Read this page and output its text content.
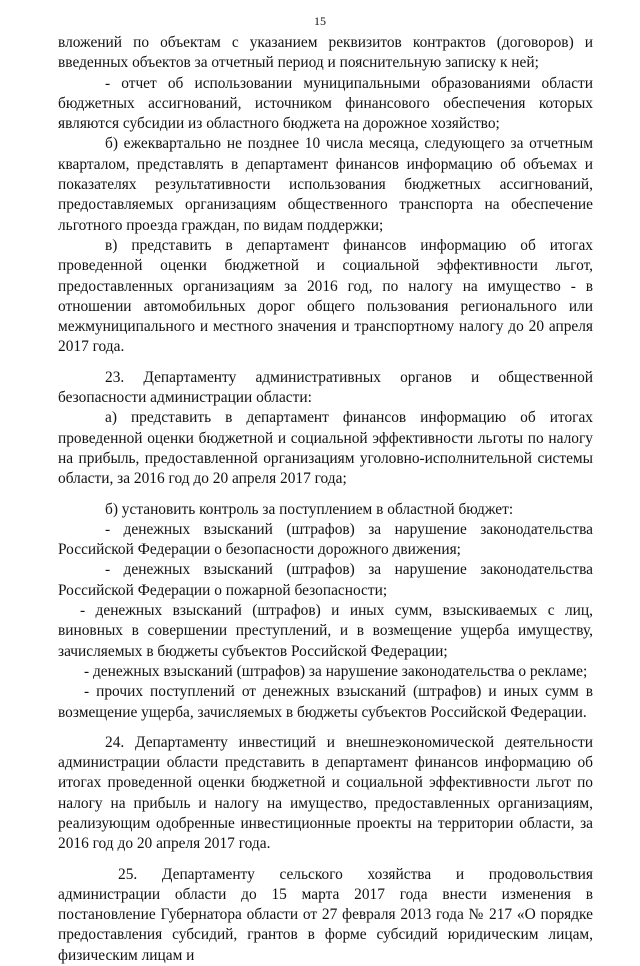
15

вложений по объектам с указанием реквизитов контрактов (договоров) и введенных объектов за отчетный период и пояснительную записку к ней;

- отчет об использовании муниципальными образованиями области бюджетных ассигнований, источником финансового обеспечения которых являются субсидии из областного бюджета на дорожное хозяйство;

б) ежеквартально не позднее 10 числа месяца, следующего за отчетным кварталом, представлять в департамент финансов информацию об объемах и показателях результативности использования бюджетных ассигнований, предоставляемых организациям общественного транспорта на обеспечение льготного проезда граждан, по видам поддержки;

в) представить в департамент финансов информацию об итогах проведенной оценки бюджетной и социальной эффективности льгот, предоставленных организациям за 2016 год, по налогу на имущество - в отношении автомобильных дорог общего пользования регионального или межмуниципального и местного значения и транспортному налогу до 20 апреля 2017 года.

23. Департаменту административных органов и общественной безопасности администрации области:

а) представить в департамент финансов информацию об итогах проведенной оценки бюджетной и социальной эффективности льготы по налогу на прибыль, предоставленной организациям уголовно-исполнительной системы области, за 2016 год до 20 апреля 2017 года;

б) установить контроль за поступлением в областной бюджет:

- денежных взысканий (штрафов) за нарушение законодательства Российской Федерации о безопасности дорожного движения;

- денежных взысканий (штрафов) за нарушение законодательства Российской Федерации о пожарной безопасности;

- денежных взысканий (штрафов) и иных сумм, взыскиваемых с лиц, виновных в совершении преступлений, и в возмещение ущерба имуществу, зачисляемых в бюджеты субъектов Российской Федерации;

- денежных взысканий (штрафов) за нарушение законодательства о рекламе;

- прочих поступлений от денежных взысканий (штрафов) и иных сумм в возмещение ущерба, зачисляемых в бюджеты субъектов Российской Федерации.

24. Департаменту инвестиций и внешнеэкономической деятельности администрации области представить в департамент финансов информацию об итогах проведенной оценки бюджетной и социальной эффективности льгот по налогу на прибыль и налогу на имущество, предоставленных организациям, реализующим одобренные инвестиционные проекты на территории области, за 2016 год до 20 апреля 2017 года.

25. Департаменту сельского хозяйства и продовольствия администрации области до 15 марта 2017 года внести изменения в постановление Губернатора области от 27 февраля 2013 года № 217 «О порядке предоставления субсидий, грантов в форме субсидий юридическим лицам, физическим лицам и
